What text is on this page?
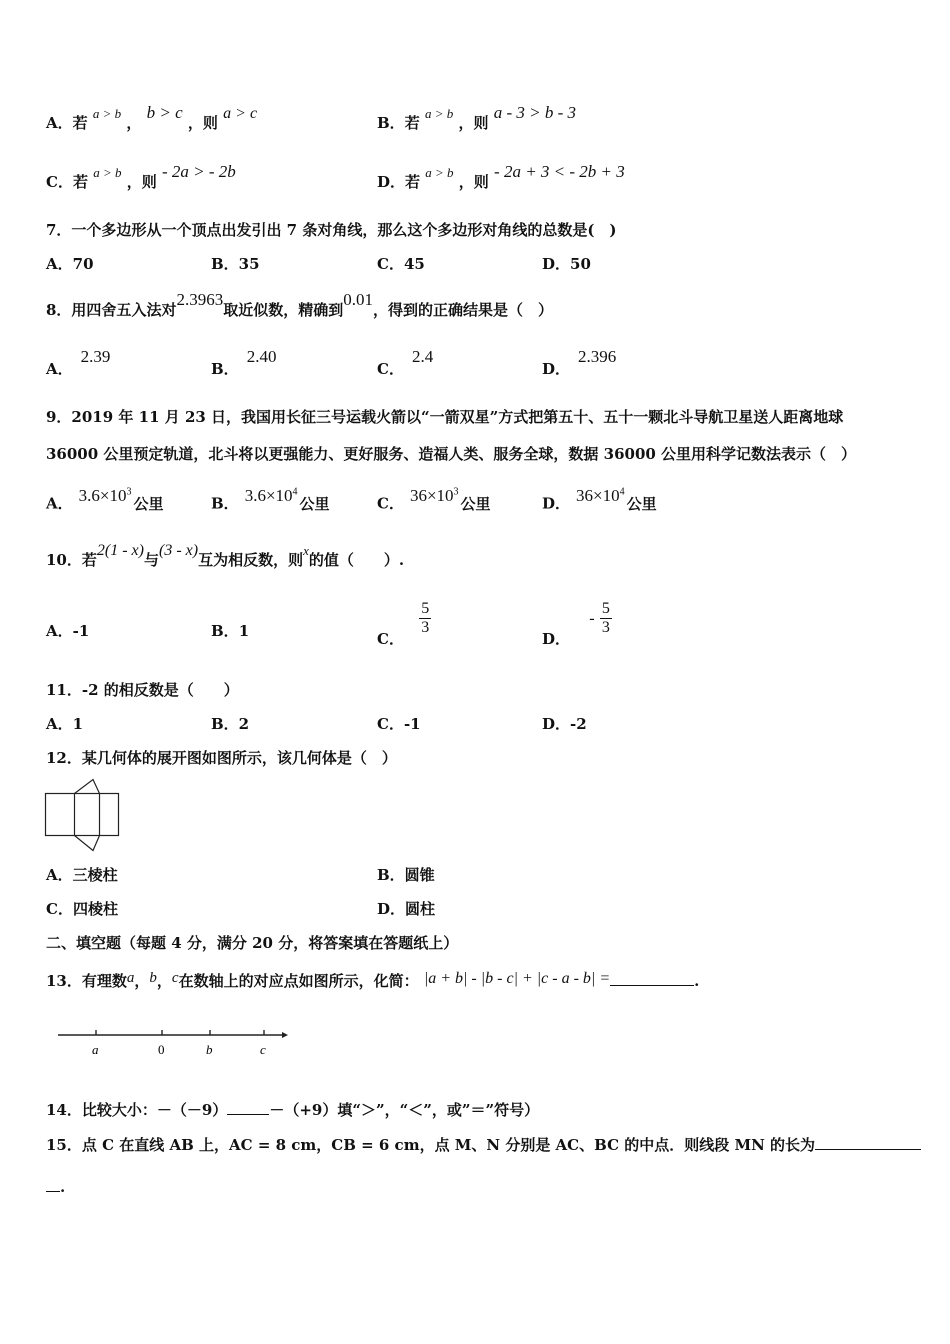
A．若 a > b ， b > c ，则 a > c
B．若 a > b ，则 a - 3 > b - 3
C．若 a > b ，则 - 2a > - 2b
D．若 a > b ，则 - 2a + 3 < - 2b + 3
7．一个多边形从一个顶点出发引出 7 条对角线，那么这个多边形对角线的总数是(　)
A．70	B．35	C．45	D．50
8．用四舍五入法对2.3963取近似数，精确到0.01，得到的正确结果是（　）
A．2.39
B．2.40
C．2.4
D．2.396
9．2019 年 11 月 23 日，我国用长征三号运载火箭以“一箭双星”方式把第五十、五十一颗北斗导航卫星送人距离地球
36000 公里预定轨道，北斗将以更强能力、更好服务、造福人类、服务全球，数据 36000 公里用科学记数法表示（　）
A． $3.6\times 10^3$公里	B． $3.6\times 10^4$公里	C． $36\times 10^3$公里	D． $36\times 10^4$公里
10．若2(1 - x)与(3 - x)互为相反数，则x的值（　　）.
A．-1	B．1	C．
$\frac{5}{3}$
D． - $\frac{5}{3}$
11．-2 的相反数是（　　）
A．1	B．2	C．-1	D．-2
12．某几何体的展开图如图所示，该几何体是（　）
A．三棱柱	B．圆锥
C．四棱柱	D．圆柱
二、填空题（每题 4 分，满分 20 分，将答案填在答题纸上）
13．有理数a，b，c在数轴上的对应点如图所示，化简： |a + b| - |b - c| + |c - a - b| =	.
a	0	b	c
14．比较大小：－（－9）	－（+9）填“＞”，“＜”，或”＝”符号）
15．点 C 在直线 AB 上，AC = 8 cm，CB = 6 cm，点 M、N 分别是 AC、BC 的中点．则线段 MN 的长为
.
